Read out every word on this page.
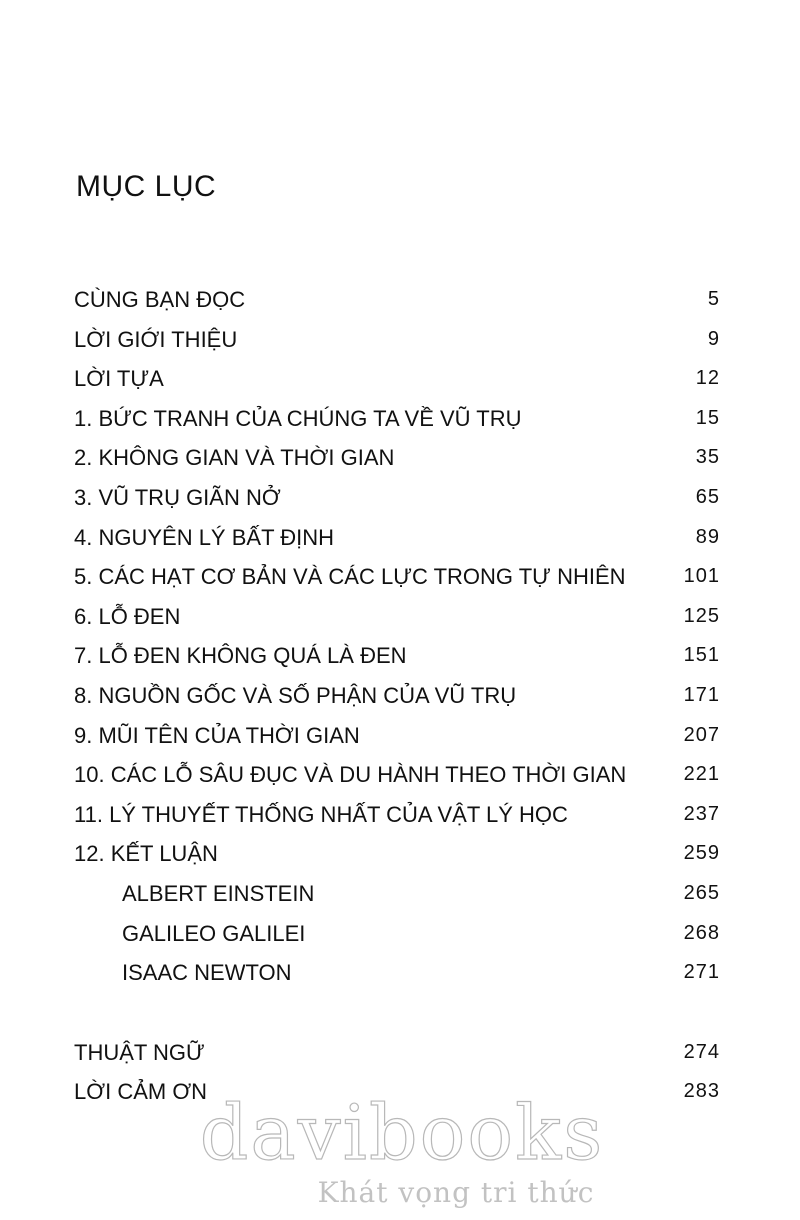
MỤC LỤC
CÙNG BẠN ĐỌC	5
LỜI GIỚI THIỆU	9
LỜI TỰA	12
1. BỨC TRANH CỦA CHÚNG TA VỀ VŨ TRỤ	15
2. KHÔNG GIAN VÀ THỜI GIAN	35
3. VŨ TRỤ GIÃN NỞ	65
4. NGUYÊN LÝ BẤT ĐỊNH	89
5. CÁC HẠT CƠ BẢN VÀ CÁC LỰC TRONG TỰ NHIÊN	101
6. LỖ ĐEN	125
7. LỖ ĐEN KHÔNG QUÁ LÀ ĐEN	151
8. NGUỒN GỐC VÀ SỐ PHẬN CỦA VŨ TRỤ	171
9. MŨI TÊN CỦA THỜI GIAN	207
10. CÁC LỖ SÂU ĐỤC VÀ DU HÀNH THEO THỜI GIAN	221
11. LÝ THUYẾT THỐNG NHẤT CỦA VẬT LÝ HỌC	237
12. KẾT LUẬN	259
ALBERT EINSTEIN	265
GALILEO GALILEI	268
ISAAC NEWTON	271
THUẬT NGỮ	274
LỜI CẢM ƠN	283
davibooks
Khát vọng tri thức
